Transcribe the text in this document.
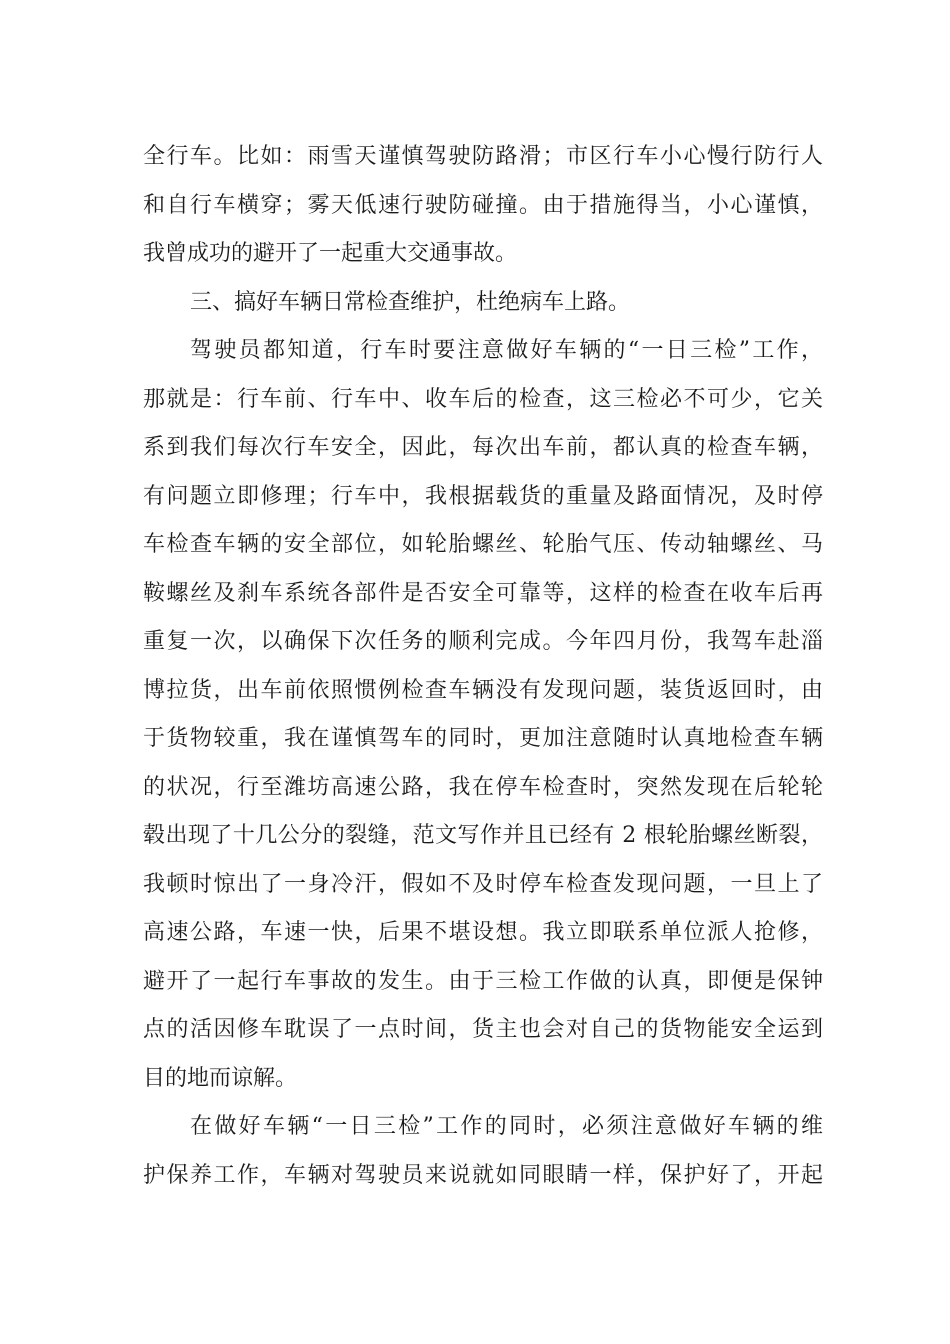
全行车。比如：雨雪天谨慎驾驶防路滑；市区行车小心慢行防行人
和自行车横穿；雾天低速行驶防碰撞。由于措施得当，小心谨慎，
我曾成功的避开了一起重大交通事故。
三、搞好车辆日常检查维护，杜绝病车上路。
驾驶员都知道，行车时要注意做好车辆的“一日三检”工作，
那就是：行车前、行车中、收车后的检查，这三检必不可少，它关
系到我们每次行车安全，因此，每次出车前，都认真的检查车辆，
有问题立即修理；行车中，我根据载货的重量及路面情况，及时停
车检查车辆的安全部位，如轮胎螺丝、轮胎气压、传动轴螺丝、马
鞍螺丝及刹车系统各部件是否安全可靠等，这样的检查在收车后再
重复一次，以确保下次任务的顺利完成。今年四月份，我驾车赴淄
博拉货，出车前依照惯例检查车辆没有发现问题，装货返回时，由
于货物较重，我在谨慎驾车的同时，更加注意随时认真地检查车辆
的状况，行至潍坊高速公路，我在停车检查时，突然发现在后轮轮
毂出现了十几公分的裂缝，范文写作并且已经有 2 根轮胎螺丝断裂，
我顿时惊出了一身冷汗，假如不及时停车检查发现问题，一旦上了
高速公路，车速一快，后果不堪设想。我立即联系单位派人抢修，
避开了一起行车事故的发生。由于三检工作做的认真，即便是保钟
点的活因修车耽误了一点时间，货主也会对自己的货物能安全运到
目的地而谅解。
在做好车辆“一日三检”工作的同时，必须注意做好车辆的维
护保养工作，车辆对驾驶员来说就如同眼睛一样，保护好了，开起
